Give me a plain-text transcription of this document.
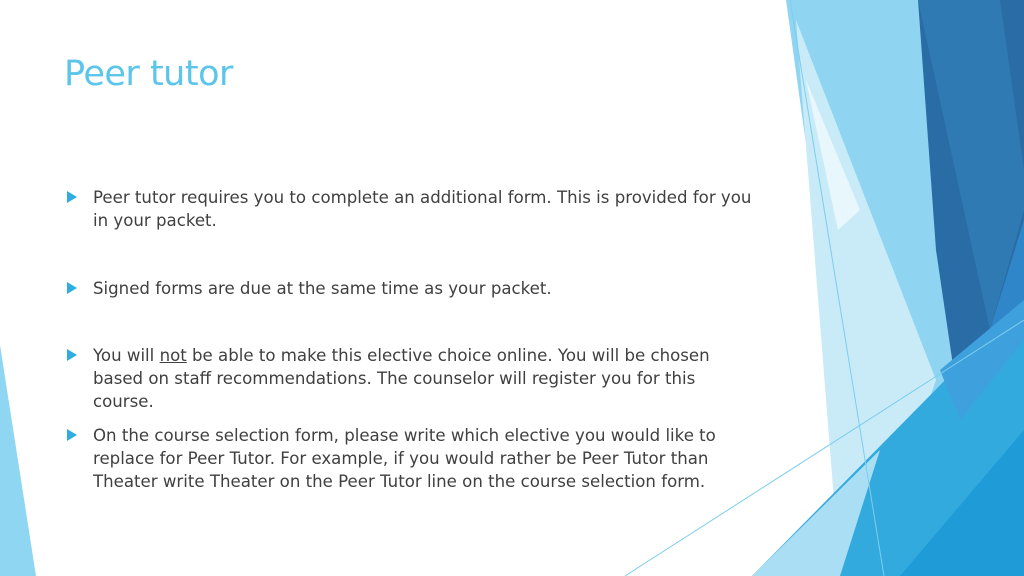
Peer tutor
Peer tutor requires you to complete an additional form. This is provided for you in your packet.
Signed forms are due at the same time as your packet.
You will not be able to make this elective choice online. You will be chosen based on staff recommendations. The counselor will register you for this course.
On the course selection form, please write which elective you would like to replace for Peer Tutor. For example, if you would rather be Peer Tutor than Theater write Theater on the Peer Tutor line on the course selection form.
